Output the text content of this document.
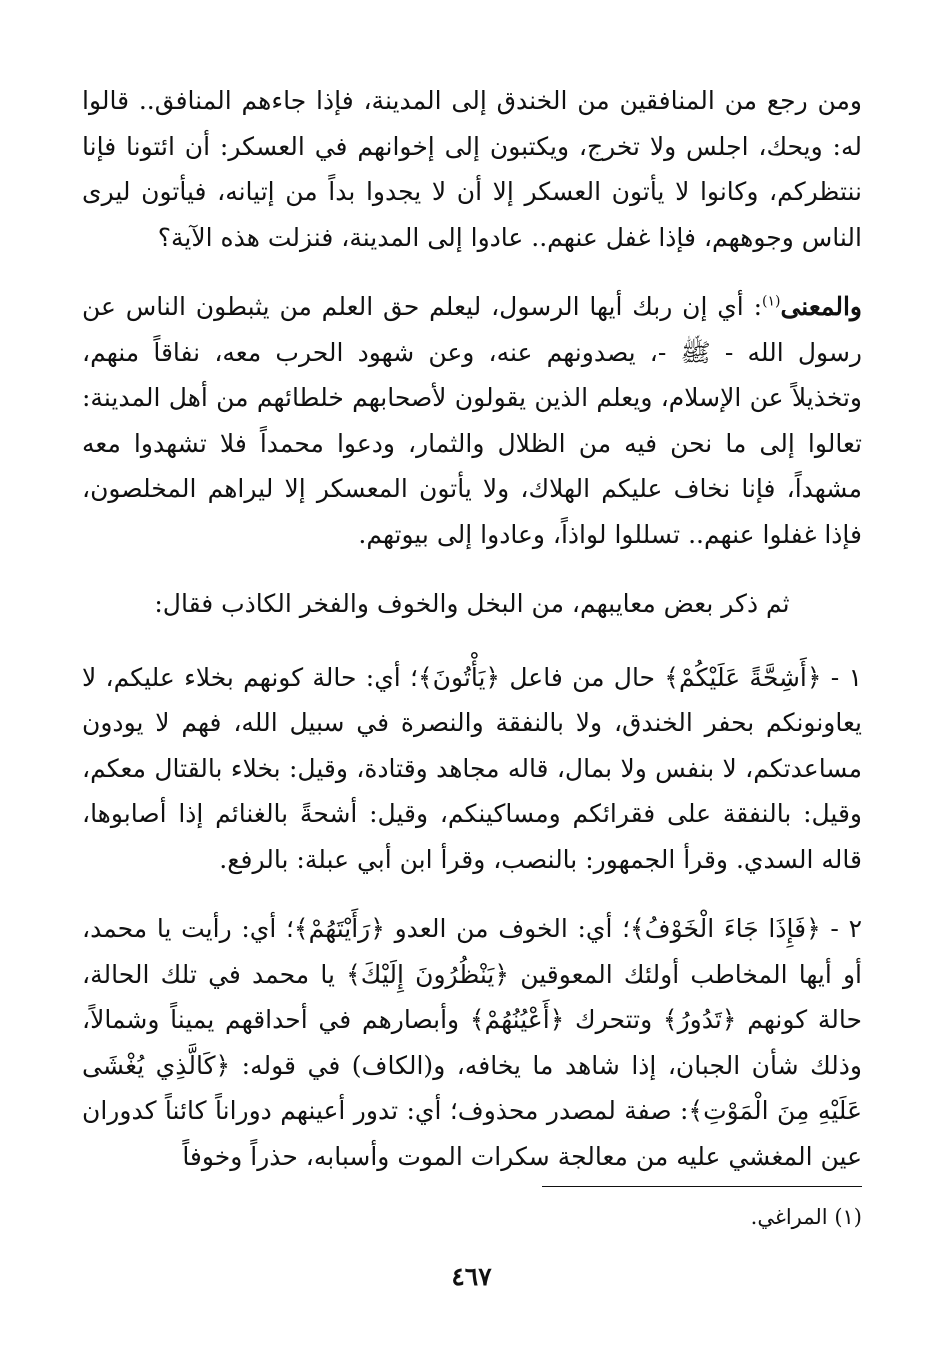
ومن رجع من المنافقين من الخندق إلى المدينة، فإذا جاءهم المنافق.. قالوا له: ويحك، اجلس ولا تخرج، ويكتبون إلى إخوانهم في العسكر: أن ائتونا فإنا ننتظركم، وكانوا لا يأتون العسكر إلا أن لا يجدوا بداً من إتيانه، فيأتون ليرى الناس وجوههم، فإذا غفل عنهم.. عادوا إلى المدينة، فنزلت هذه الآية؟

والمعنى$^{(١)}$: أي إن ربك أيها الرسول، ليعلم حق العلم من يثبطون الناس عن رسول الله - ﷺ -، يصدونهم عنه، وعن شهود الحرب معه، نفاقاً منهم، وتخذيلاً عن الإسلام، ويعلم الذين يقولون لأصحابهم خلطائهم من أهل المدينة: تعالوا إلى ما نحن فيه من الظلال والثمار، ودعوا محمداً فلا تشهدوا معه مشهداً، فإنا نخاف عليكم الهلاك، ولا يأتون المعسكر إلا ليراهم المخلصون، فإذا غفلوا عنهم.. تسللوا لواذاً، وعادوا إلى بيوتهم.

ثم ذكر بعض معايبهم، من البخل والخوف والفخر الكاذب فقال:

١ - ﴿أَشِحَّةً عَلَيْكُمْ﴾ حال من فاعل ﴿يَأْتُونَ﴾؛ أي: حالة كونهم بخلاء عليكم، لا يعاونونكم بحفر الخندق، ولا بالنفقة والنصرة في سبيل الله، فهم لا يودون مساعدتكم، لا بنفس ولا بمال، قاله مجاهد وقتادة، وقيل: بخلاء بالقتال معكم، وقيل: بالنفقة على فقرائكم ومساكينكم، وقيل: أشحةً بالغنائم إذا أصابوها، قاله السدي. وقرأ الجمهور: بالنصب، وقرأ ابن أبي عبلة: بالرفع.

٢ - ﴿فَإِذَا جَاءَ الْخَوْفُ﴾؛ أي: الخوف من العدو ﴿رَأَيْتَهُمْ﴾؛ أي: رأيت يا محمد، أو أيها المخاطب أولئك المعوقين ﴿يَنْظُرُونَ إِلَيْكَ﴾ يا محمد في تلك الحالة، حالة كونهم ﴿تَدُورُ﴾ وتتحرك ﴿أَعْيُنُهُمْ﴾ وأبصارهم في أحداقهم يميناً وشمالاً، وذلك شأن الجبان، إذا شاهد ما يخافه، و(الكاف) في قوله: ﴿كَالَّذِي يُغْشَى عَلَيْهِ مِنَ الْمَوْتِ﴾: صفة لمصدر محذوف؛ أي: تدور أعينهم دوراناً كائناً كدوران عين المغشي عليه من معالجة سكرات الموت وأسبابه، حذراً وخوفاً

(١) المراغي.
٤٦٧
